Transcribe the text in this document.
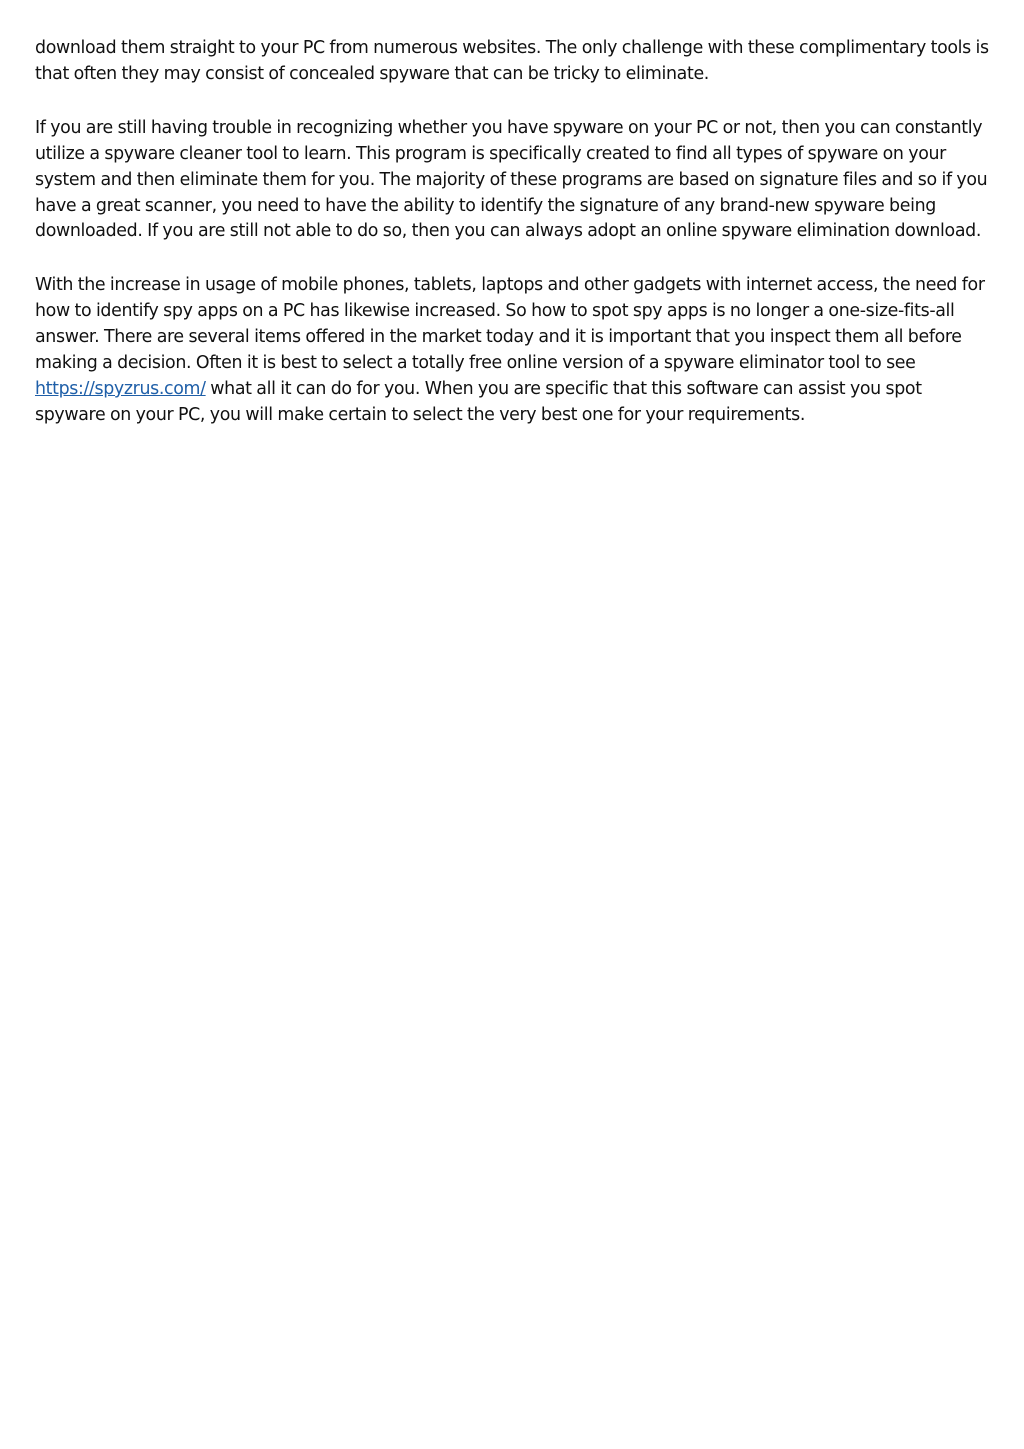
download them straight to your PC from numerous websites. The only challenge with these complimentary tools is that often they may consist of concealed spyware that can be tricky to eliminate.

If you are still having trouble in recognizing whether you have spyware on your PC or not, then you can constantly utilize a spyware cleaner tool to learn. This program is specifically created to find all types of spyware on your system and then eliminate them for you. The majority of these programs are based on signature files and so if you have a great scanner, you need to have the ability to identify the signature of any brand-new spyware being downloaded. If you are still not able to do so, then you can always adopt an online spyware elimination download.

With the increase in usage of mobile phones, tablets, laptops and other gadgets with internet access, the need for how to identify spy apps on a PC has likewise increased. So how to spot spy apps is no longer a one-size-fits-all answer. There are several items offered in the market today and it is important that you inspect them all before making a decision. Often it is best to select a totally free online version of a spyware eliminator tool to see https://spyzrus.com/ what all it can do for you. When you are specific that this software can assist you spot spyware on your PC, you will make certain to select the very best one for your requirements.
